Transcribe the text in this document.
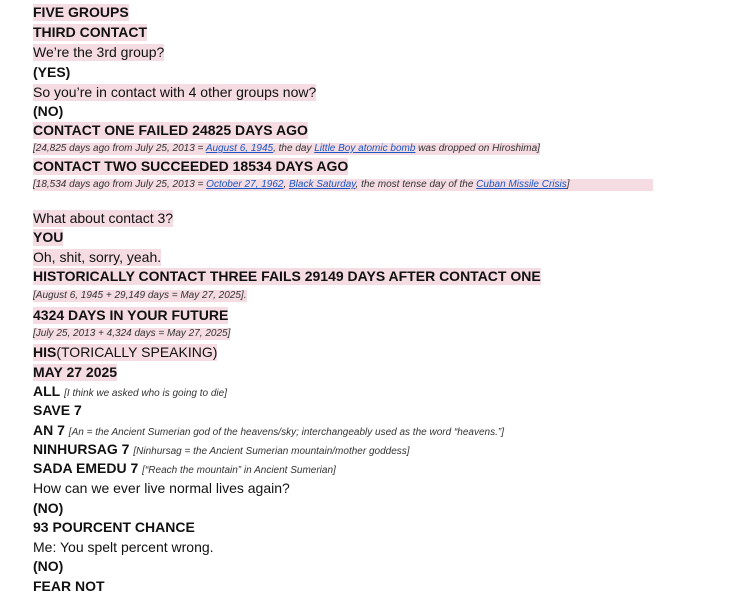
FIVE GROUPS
THIRD CONTACT
We’re the 3rd group?
(YES)
So you’re in contact with 4 other groups now?
(NO)
CONTACT ONE FAILED 24825 DAYS AGO
[24,825 days ago from July 25, 2013 = August 6, 1945, the day Little Boy atomic bomb was dropped on Hiroshima]
CONTACT TWO SUCCEEDED 18534 DAYS AGO
[18,534 days ago from July 25, 2013 = October 27, 1962, Black Saturday, the most tense day of the Cuban Missile Crisis]
What about contact 3?
YOU
Oh, shit, sorry, yeah.
HISTORICALLY CONTACT THREE FAILS 29149 DAYS AFTER CONTACT ONE
[August 6, 1945 + 29,149 days = May 27, 2025].
4324 DAYS IN YOUR FUTURE
[July 25, 2013 + 4,324 days = May 27, 2025]
HIS(TORICALLY SPEAKING)
MAY 27 2025
ALL [I think we asked who is going to die]
SAVE 7
AN 7 [An = the Ancient Sumerian god of the heavens/sky; interchangeably used as the word “heavens.”]
NINHURSAG 7 [Ninhursag = the Ancient Sumerian mountain/mother goddess]
SADA EMEDU 7 [“Reach the mountain” in Ancient Sumerian]
How can we ever live normal lives again?
(NO)
93 POURCENT CHANCE
Me: You spelt percent wrong.
(NO)
FEAR NOT
